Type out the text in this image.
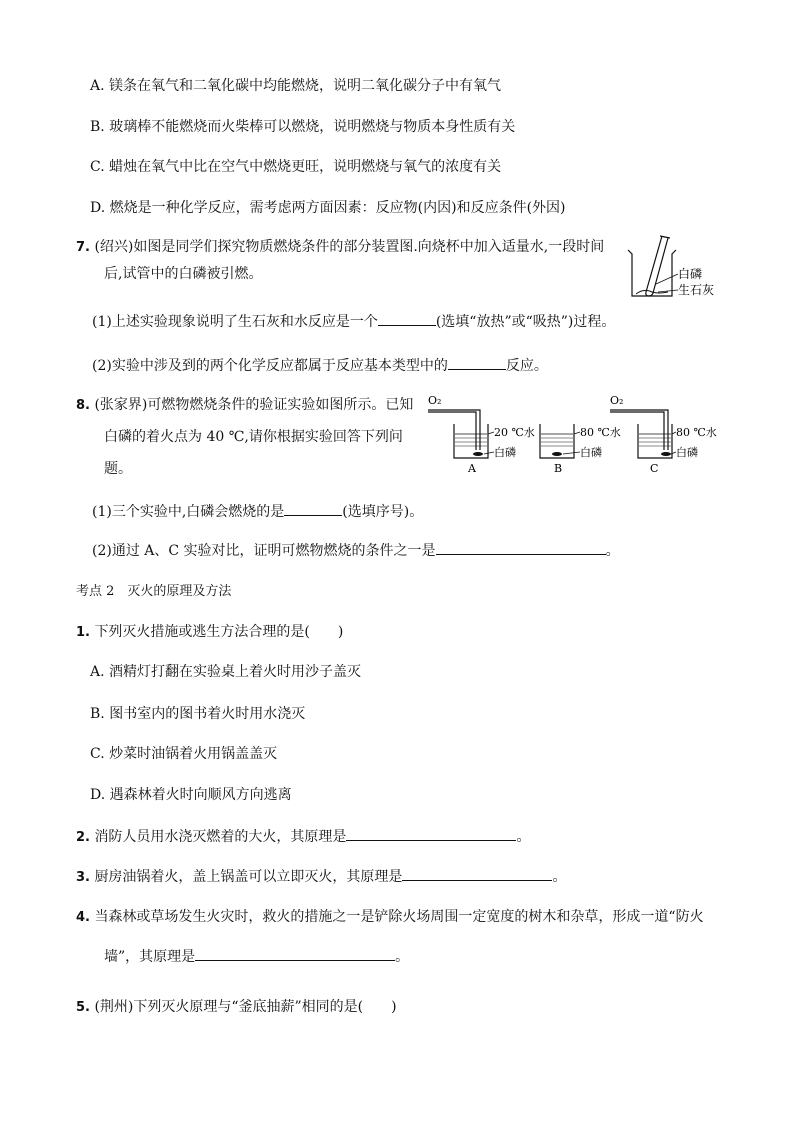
A. 镁条在氧气和二氧化碳中均能燃烧，说明二氧化碳分子中有氧气
B. 玻璃棒不能燃烧而火柴棒可以燃烧，说明燃烧与物质本身性质有关
C. 蜡烛在氧气中比在空气中燃烧更旺，说明燃烧与氧气的浓度有关
D. 燃烧是一种化学反应，需考虑两方面因素：反应物(内因)和反应条件(外因)
7. (绍兴)如图是同学们探究物质燃烧条件的部分装置图.向烧杯中加入适量水,一段时间
后,试管中的白磷被引燃。	白磷
生石灰
(1)上述实验现象说明了生石灰和水反应是一个	(选填“放热”或“吸热”)过程。
(2)实验中涉及到的两个化学反应都属于反应基本类型中的	反应。
8. (张家界)可燃物燃烧条件的验证实验如图所示。已知
白磷的着火点为 40 ℃,请你根据实验回答下列问
题。
O₂
20 ℃水
白磷
A
80 ℃水
白磷
B
O₂
80 ℃水
白磷
C
(1)三个实验中,白磷会燃烧的是	(选填序号)。
(2)通过 A、C 实验对比，证明可燃物燃烧的条件之一是	。
考点 2　灭火的原理及方法
1. 下列灭火措施或逃生方法合理的是(　　)
A. 酒精灯打翻在实验桌上着火时用沙子盖灭
B. 图书室内的图书着火时用水浇灭
C. 炒菜时油锅着火用锅盖盖灭
D. 遇森林着火时向顺风方向逃离
2. 消防人员用水浇灭燃着的大火，其原理是	。
3. 厨房油锅着火，盖上锅盖可以立即灭火，其原理是	。
4. 当森林或草场发生火灾时，救火的措施之一是铲除火场周围一定宽度的树木和杂草，形成一道“防火
墙”，其原理是	。
5. (荆州)下列灭火原理与“釜底抽薪”相同的是(　　)
